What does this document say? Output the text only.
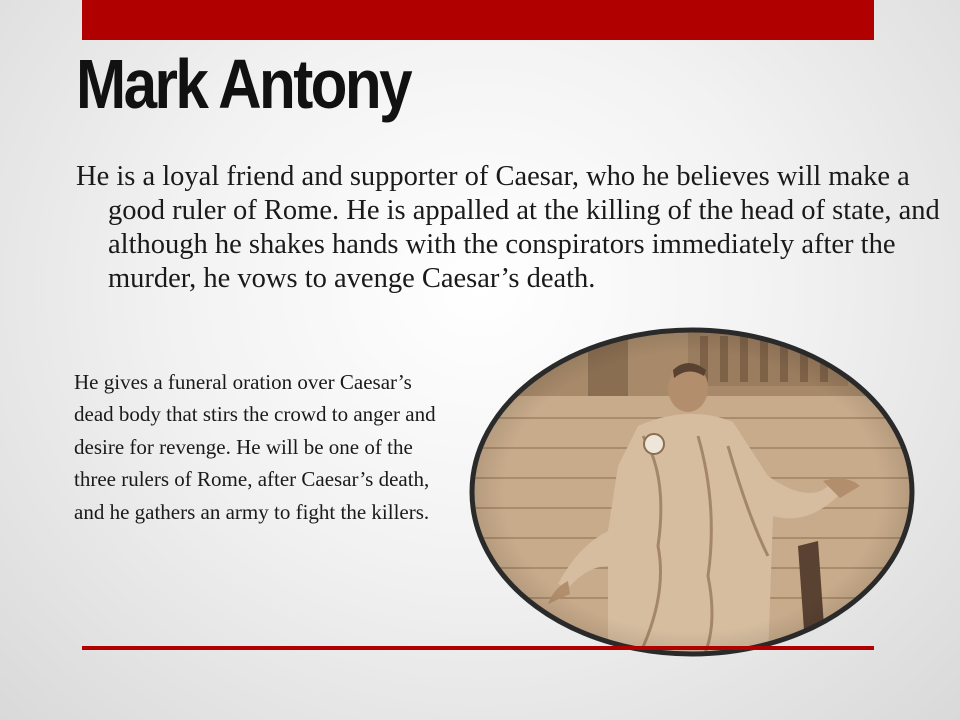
Mark Antony

He is a loyal friend and supporter of Caesar, who he believes will make a good ruler of Rome. He is appalled at the killing of the head of state, and although he shakes hands with the conspirators immediately after the murder, he vows to avenge Caesar’s death.

He gives a funeral oration over Caesar’s dead body that stirs the crowd to anger and desire for revenge. He will be one of the three rulers of Rome, after Caesar’s death, and he gathers an army to fight the killers.
